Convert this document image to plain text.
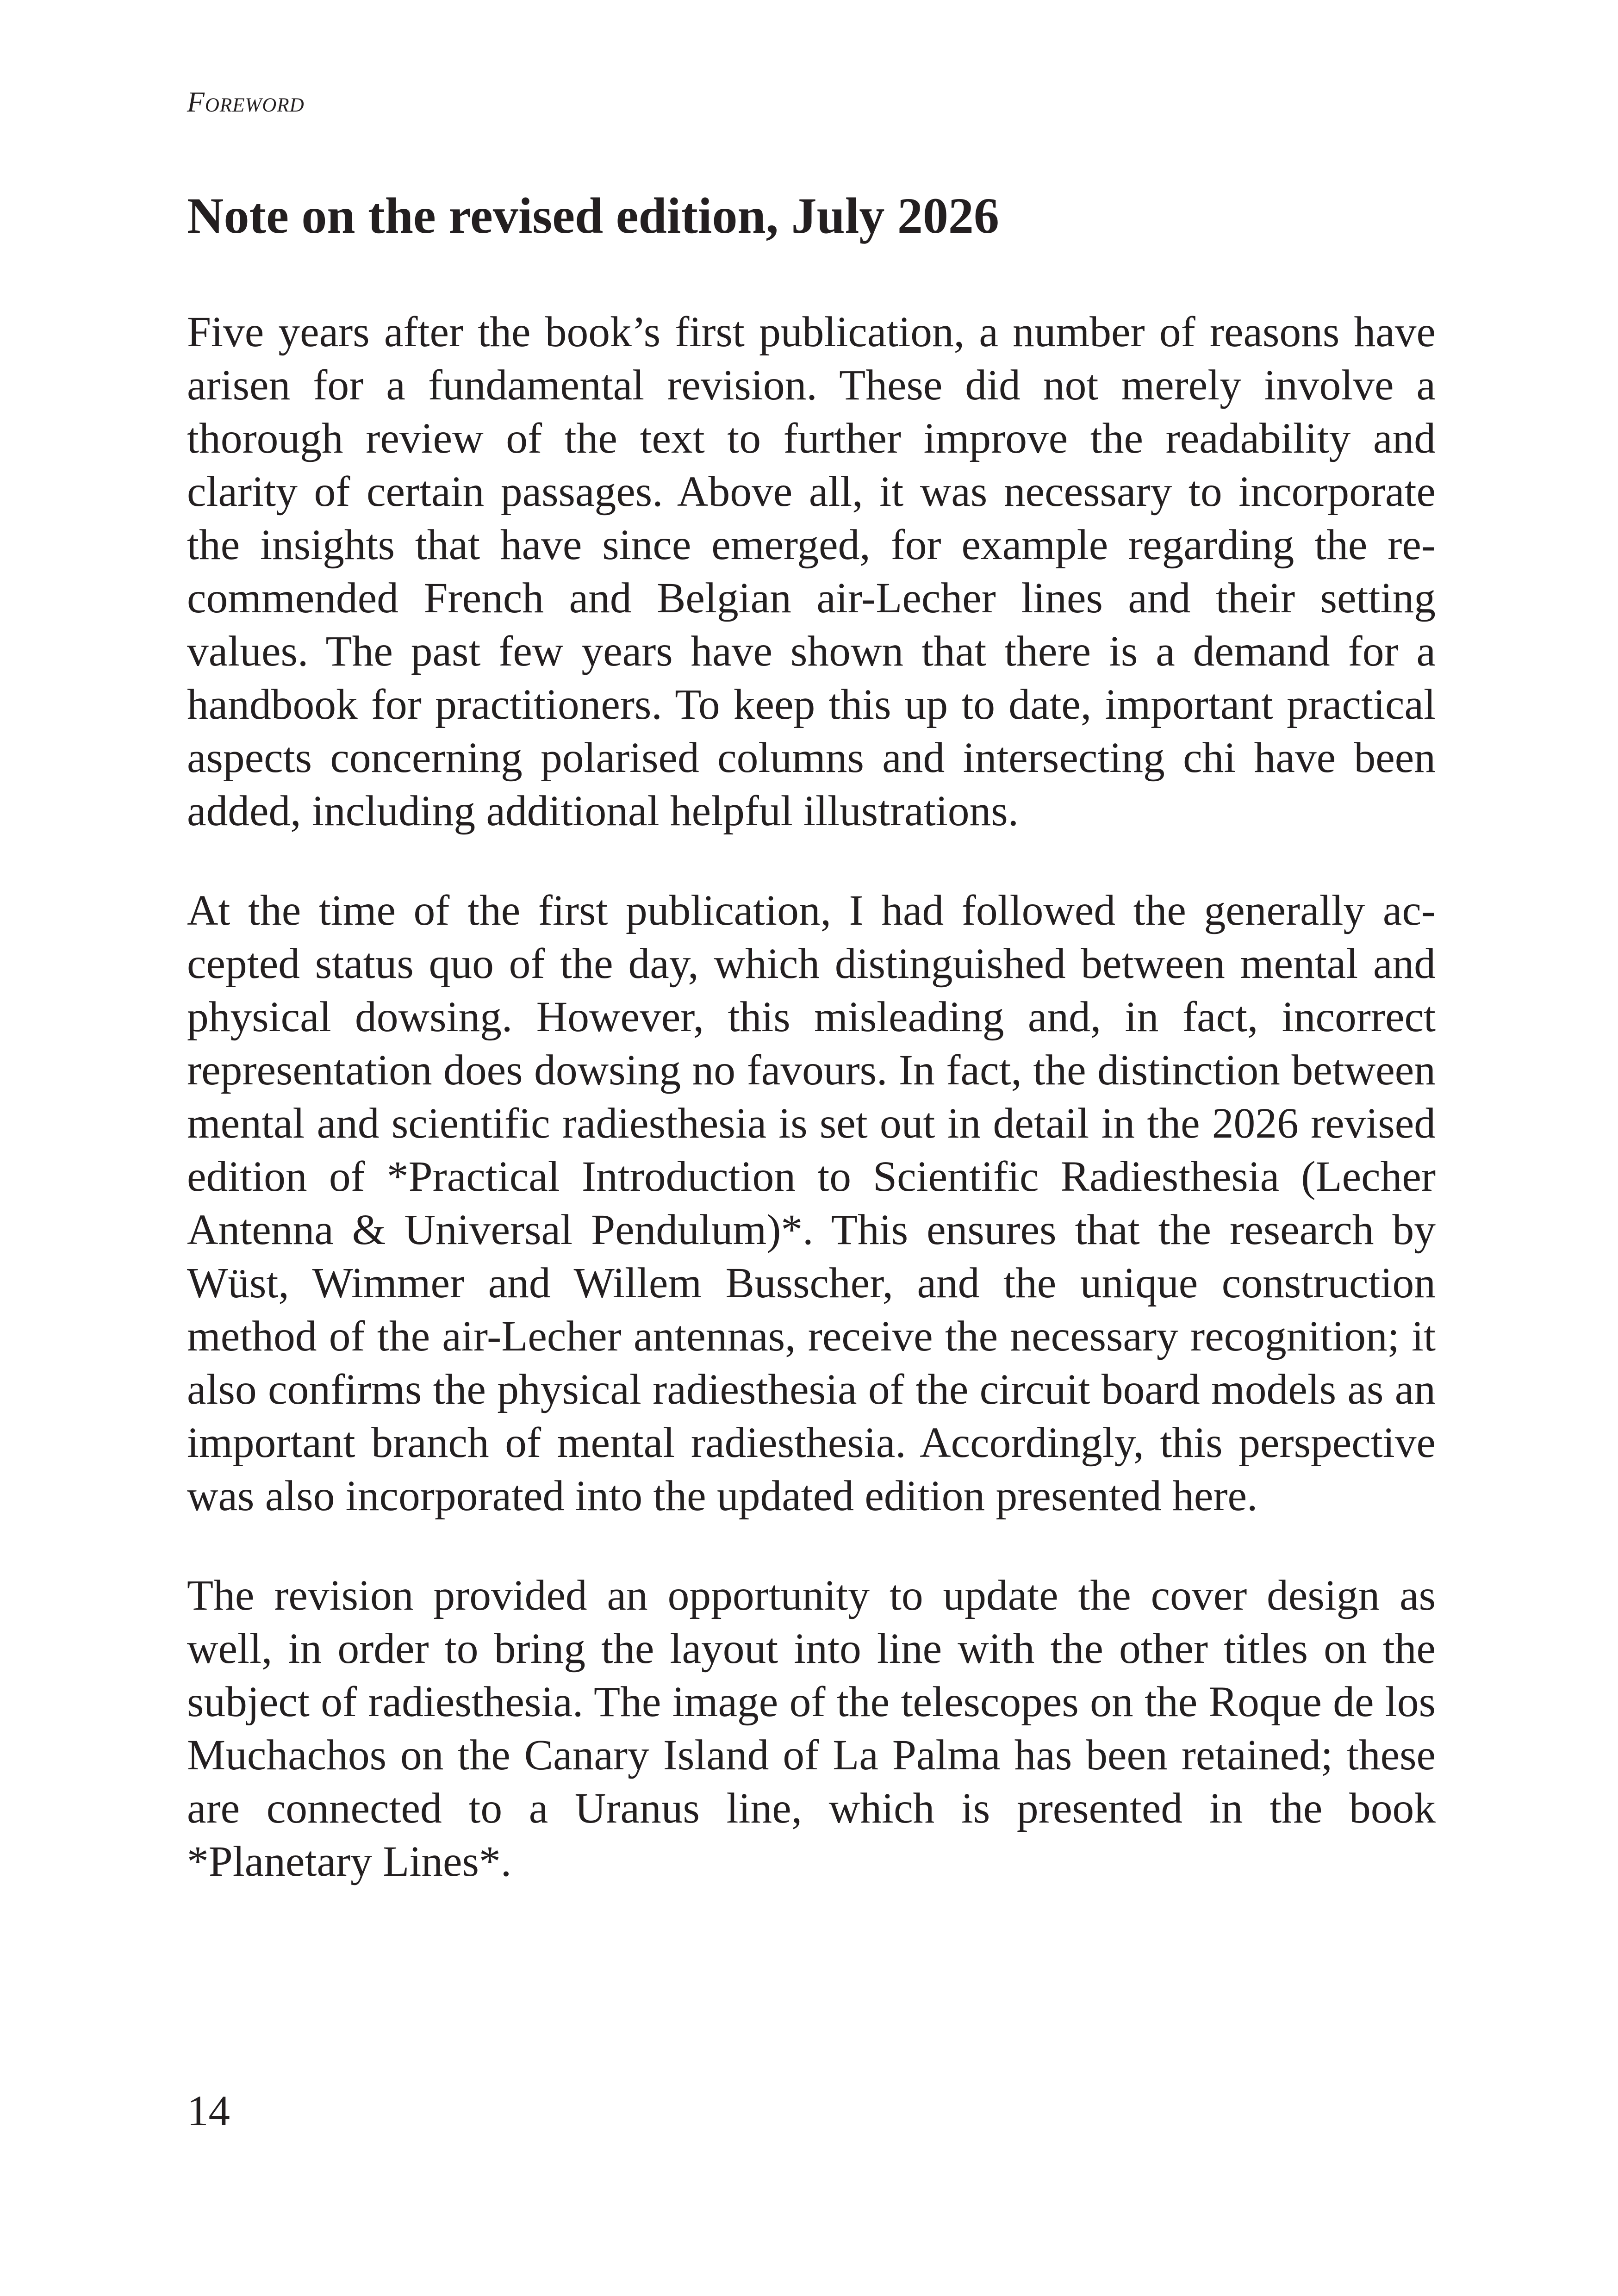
Foreword
Note on the revised edition, July 2026

Five years after the book’s first publication, a number of reasons have arisen for a fundamental revision. These did not merely involve a thorough review of the text to further improve the readability and clarity of certain passages. Above all, it was necessary to incorporate the insights that have since emerged, for example regarding the recommended French and Belgian air-Lecher lines and their setting values. The past few years have shown that there is a demand for a handbook for practitioners. To keep this up to date, important practical aspects concerning polarised columns and intersecting chi have been added, including additional helpful illustrations.

At the time of the first publication, I had followed the generally accepted status quo of the day, which distinguished between mental and physical dowsing. However, this misleading and, in fact, incorrect representation does dowsing no favours. In fact, the distinction between mental and scientific radiesthesia is set out in detail in the 2026 revised edition of *Practical Introduction to Scientific Radiesthesia (Lecher Antenna & Universal Pendulum)*. This ensures that the research by Wüst, Wimmer and Willem Busscher, and the unique construction method of the air-Lecher antennas, receive the necessary recognition; it also confirms the physical radiesthesia of the circuit board models as an important branch of mental radiesthesia. Accordingly, this perspective was also incorporated into the updated edition presented here.

The revision provided an opportunity to update the cover design as well, in order to bring the layout into line with the other titles on the subject of radiesthesia. The image of the telescopes on the Roque de los Muchachos on the Canary Island of La Palma has been retained; these are connected to a Uranus line, which is presented in the book *Planetary Lines*.

14
